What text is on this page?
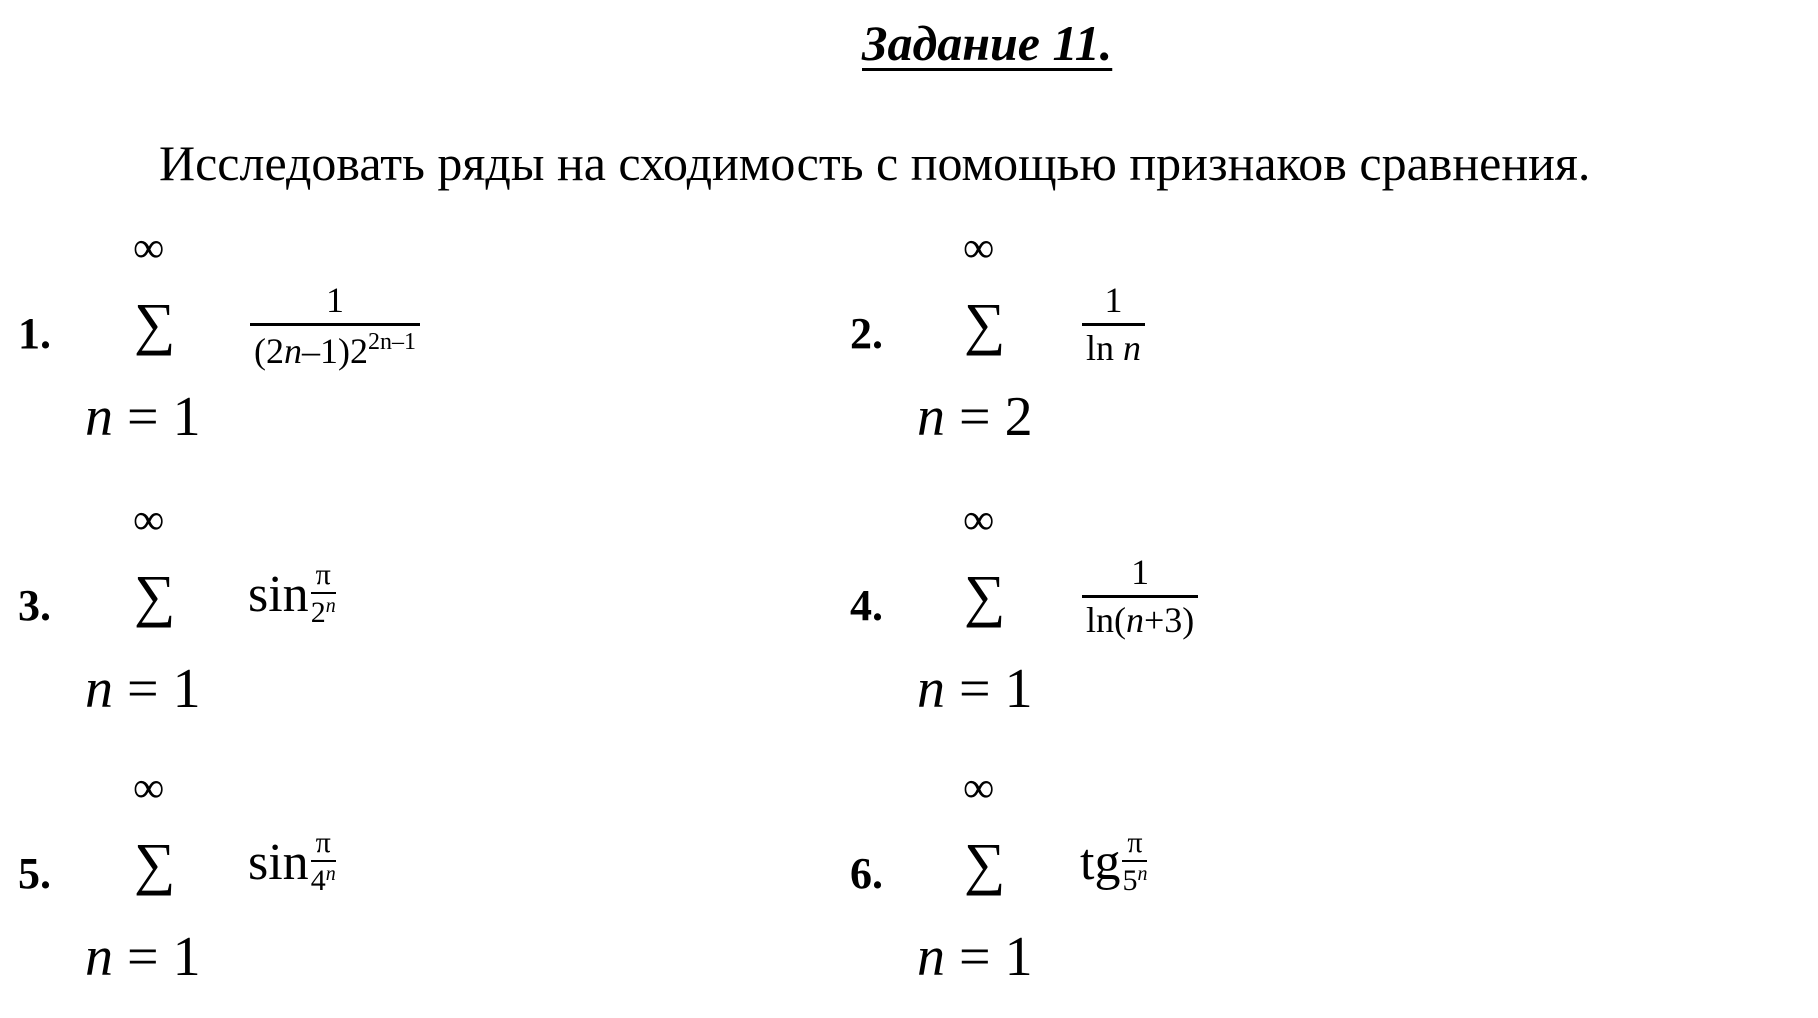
Задание 11.
Исследовать ряды на сходимость с помощью признаков сравнения.
1.
∞
∑
n = 1
1
$(2n-1)2^{2n-1}$	2.
∞
∑
n = 2
1
ln n
3.
∞
∑
n = 1
$\sin \frac{\pi}{2^n}$	4.
∞
∑
n = 1
1
ln(n+3)
5.
∞
∑
n = 1
$\sin \frac{\pi}{4^n}$	6.
∞
∑
n = 1
tg $\frac{\pi}{5^n}$
